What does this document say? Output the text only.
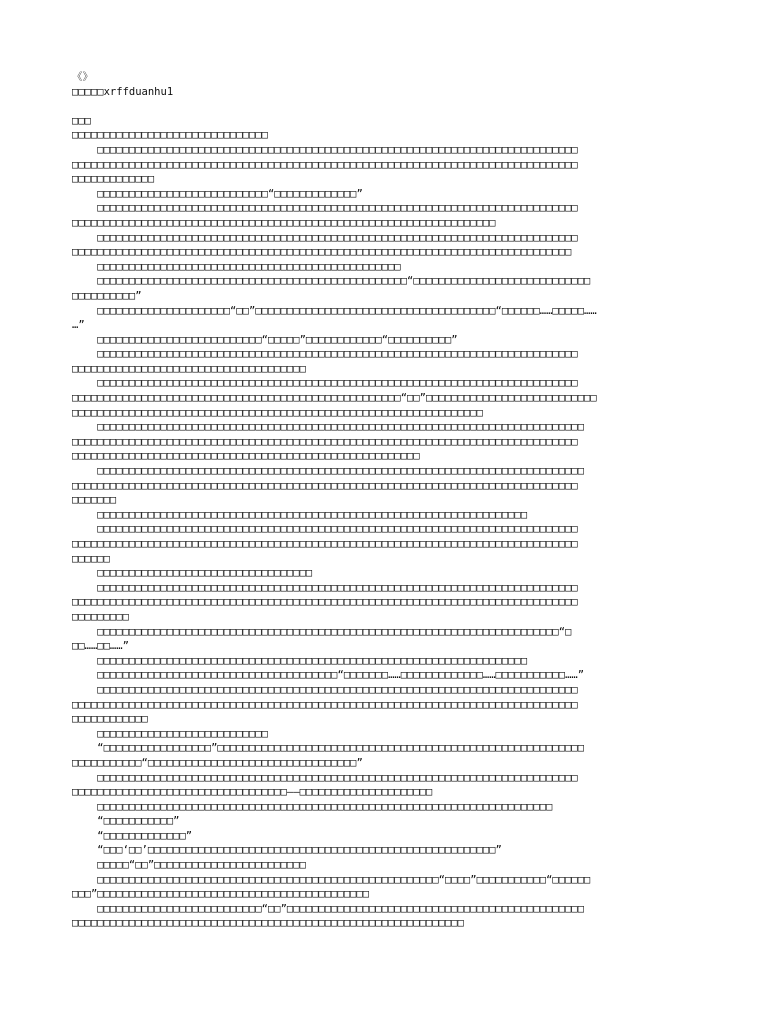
《》
□□□□□xrffduanhu1
□□□
□□□□□□□□□□□□□□□□□□□□□□□□□□□□□□□
□□□□□□□□□□□□□□□□□□□□□□□□□□□□□□□□□□□□□□□□□□□□□□□□□□□□□□□□□□□□□□□□□□□□□□□□□□□□
□□□□□□□□□□□□□□□□□□□□□□□□□□□□□□□□□□□□□□□□□□□□□□□□□□□□□□□□□□□□□□□□□□□□□□□□□□□□□□□□
□□□□□□□□□□□□□
□□□□□□□□□□□□□□□□□□□□□□□□□□□“□□□□□□□□□□□□□”
□□□□□□□□□□□□□□□□□□□□□□□□□□□□□□□□□□□□□□□□□□□□□□□□□□□□□□□□□□□□□□□□□□□□□□□□□□□□
□□□□□□□□□□□□□□□□□□□□□□□□□□□□□□□□□□□□□□□□□□□□□□□□□□□□□□□□□□□□□□□□□□□
□□□□□□□□□□□□□□□□□□□□□□□□□□□□□□□□□□□□□□□□□□□□□□□□□□□□□□□□□□□□□□□□□□□□□□□□□□□□
□□□□□□□□□□□□□□□□□□□□□□□□□□□□□□□□□□□□□□□□□□□□□□□□□□□□□□□□□□□□□□□□□□□□□□□□□□□□□□□
□□□□□□□□□□□□□□□□□□□□□□□□□□□□□□□□□□□□□□□□□□□□□□□□
□□□□□□□□□□□□□□□□□□□□□□□□□□□□□□□□□□□□□□□□□□□□□□□□□“□□□□□□□□□□□□□□□□□□□□□□□□□□□□
□□□□□□□□□□”
□□□□□□□□□□□□□□□□□□□□□“□□”□□□□□□□□□□□□□□□□□□□□□□□□□□□□□□□□□□□□□□“□□□□□□……□□□□□……
…”
□□□□□□□□□□□□□□□□□□□□□□□□□□“□□□□□”□□□□□□□□□□□□“□□□□□□□□□□”
□□□□□□□□□□□□□□□□□□□□□□□□□□□□□□□□□□□□□□□□□□□□□□□□□□□□□□□□□□□□□□□□□□□□□□□□□□□□
□□□□□□□□□□□□□□□□□□□□□□□□□□□□□□□□□□□□□
□□□□□□□□□□□□□□□□□□□□□□□□□□□□□□□□□□□□□□□□□□□□□□□□□□□□□□□□□□□□□□□□□□□□□□□□□□□□
□□□□□□□□□□□□□□□□□□□□□□□□□□□□□□□□□□□□□□□□□□□□□□□□□□□□“□□”□□□□□□□□□□□□□□□□□□□□□□□□□□□
□□□□□□□□□□□□□□□□□□□□□□□□□□□□□□□□□□□□□□□□□□□□□□□□□□□□□□□□□□□□□□□□□
□□□□□□□□□□□□□□□□□□□□□□□□□□□□□□□□□□□□□□□□□□□□□□□□□□□□□□□□□□□□□□□□□□□□□□□□□□□□□
□□□□□□□□□□□□□□□□□□□□□□□□□□□□□□□□□□□□□□□□□□□□□□□□□□□□□□□□□□□□□□□□□□□□□□□□□□□□□□□□
□□□□□□□□□□□□□□□□□□□□□□□□□□□□□□□□□□□□□□□□□□□□□□□□□□□□□□□
□□□□□□□□□□□□□□□□□□□□□□□□□□□□□□□□□□□□□□□□□□□□□□□□□□□□□□□□□□□□□□□□□□□□□□□□□□□□□
□□□□□□□□□□□□□□□□□□□□□□□□□□□□□□□□□□□□□□□□□□□□□□□□□□□□□□□□□□□□□□□□□□□□□□□□□□□□□□□□
□□□□□□□
□□□□□□□□□□□□□□□□□□□□□□□□□□□□□□□□□□□□□□□□□□□□□□□□□□□□□□□□□□□□□□□□□□□□
□□□□□□□□□□□□□□□□□□□□□□□□□□□□□□□□□□□□□□□□□□□□□□□□□□□□□□□□□□□□□□□□□□□□□□□□□□□□
□□□□□□□□□□□□□□□□□□□□□□□□□□□□□□□□□□□□□□□□□□□□□□□□□□□□□□□□□□□□□□□□□□□□□□□□□□□□□□□□
□□□□□□
□□□□□□□□□□□□□□□□□□□□□□□□□□□□□□□□□□
□□□□□□□□□□□□□□□□□□□□□□□□□□□□□□□□□□□□□□□□□□□□□□□□□□□□□□□□□□□□□□□□□□□□□□□□□□□□
□□□□□□□□□□□□□□□□□□□□□□□□□□□□□□□□□□□□□□□□□□□□□□□□□□□□□□□□□□□□□□□□□□□□□□□□□□□□□□□□
□□□□□□□□□
□□□□□□□□□□□□□□□□□□□□□□□□□□□□□□□□□□□□□□□□□□□□□□□□□□□□□□□□□□□□□□□□□□□□□□□□□“□
□□……□□……”
□□□□□□□□□□□□□□□□□□□□□□□□□□□□□□□□□□□□□□□□□□□□□□□□□□□□□□□□□□□□□□□□□□□□
□□□□□□□□□□□□□□□□□□□□□□□□□□□□□□□□□□□□□□“□□□□□□□……□□□□□□□□□□□□□……□□□□□□□□□□□……”
□□□□□□□□□□□□□□□□□□□□□□□□□□□□□□□□□□□□□□□□□□□□□□□□□□□□□□□□□□□□□□□□□□□□□□□□□□□□
□□□□□□□□□□□□□□□□□□□□□□□□□□□□□□□□□□□□□□□□□□□□□□□□□□□□□□□□□□□□□□□□□□□□□□□□□□□□□□□□
□□□□□□□□□□□□
□□□□□□□□□□□□□□□□□□□□□□□□□□□
“□□□□□□□□□□□□□□□□□”□□□□□□□□□□□□□□□□□□□□□□□□□□□□□□□□□□□□□□□□□□□□□□□□□□□□□□□□□□
□□□□□□□□□□□“□□□□□□□□□□□□□□□□□□□□□□□□□□□□□□□□□”
□□□□□□□□□□□□□□□□□□□□□□□□□□□□□□□□□□□□□□□□□□□□□□□□□□□□□□□□□□□□□□□□□□□□□□□□□□□□
□□□□□□□□□□□□□□□□□□□□□□□□□□□□□□□□□□——□□□□□□□□□□□□□□□□□□□□□
□□□□□□□□□□□□□□□□□□□□□□□□□□□□□□□□□□□□□□□□□□□□□□□□□□□□□□□□□□□□□□□□□□□□□□□□
“□□□□□□□□□□□”
“□□□□□□□□□□□□□”
“□□□‘□□’□□□□□□□□□□□□□□□□□□□□□□□□□□□□□□□□□□□□□□□□□□□□□□□□□□□□□□□”
□□□□□“□□”□□□□□□□□□□□□□□□□□□□□□□□□
□□□□□□□□□□□□□□□□□□□□□□□□□□□□□□□□□□□□□□□□□□□□□□□□□□□□□□“□□□□”□□□□□□□□□□□“□□□□□□
□□□”□□□□□□□□□□□□□□□□□□□□□□□□□□□□□□□□□□□□□□□□□□□
□□□□□□□□□□□□□□□□□□□□□□□□□□“□□”□□□□□□□□□□□□□□□□□□□□□□□□□□□□□□□□□□□□□□□□□□□□□□□
□□□□□□□□□□□□□□□□□□□□□□□□□□□□□□□□□□□□□□□□□□□□□□□□□□□□□□□□□□□□□□
